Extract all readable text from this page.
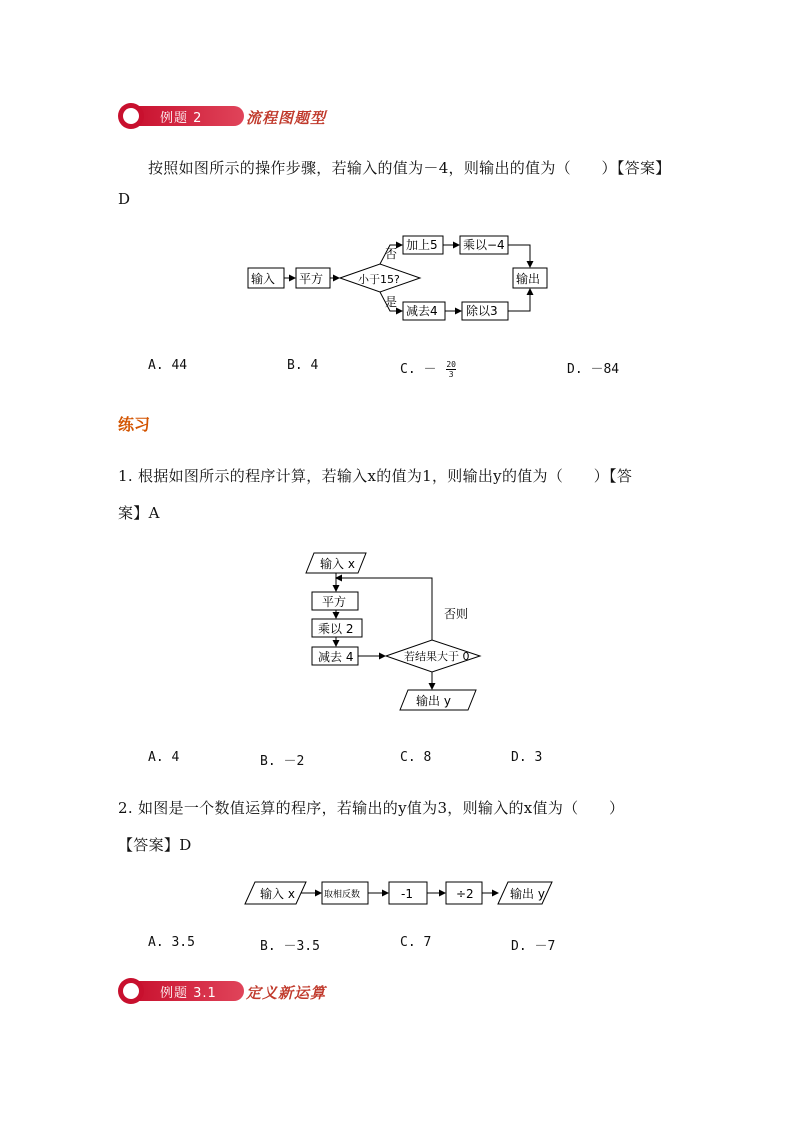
例题 2	流程图题型
按照如图所示的操作步骤，若输入的值为－4，则输出的值为（　　）【答案】
D
输入 平方	小于15?
否
是
加上5 乘以−4
减去4 除以3
输出
A. 44	B. 4	C. － $\frac{20}{3}$	D. －84
练习
1. 根据如图所示的程序计算，若输入x的值为1，则输出y的值为（　　）【答
案】A
输入 x
平方
乘以 2
减去 4	若结果大于 0
否则
输出 y
A. 4	B. －2	C. 8	D. 3
2. 如图是一个数值运算的程序，若输出的y值为3，则输入的x值为（　　）
【答案】D
输入 x	取相反数	-1	÷2	输出 y
A. 3.5	B. －3.5	C. 7	D. －7
例题 3.1 定义新运算
